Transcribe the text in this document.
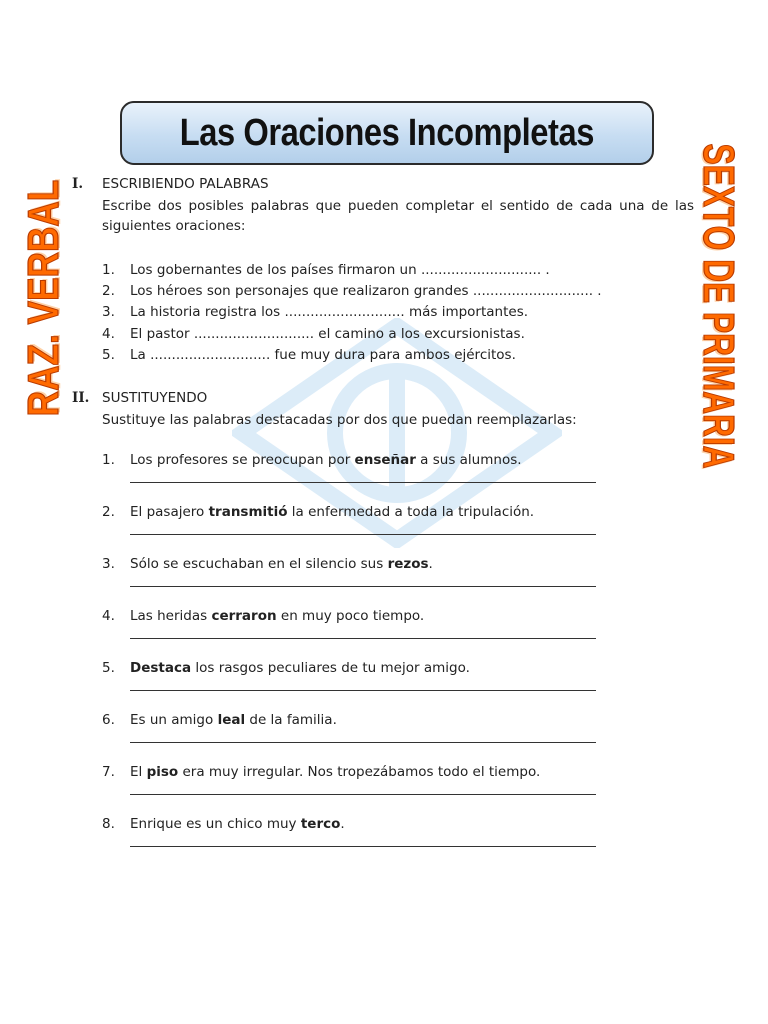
Las Oraciones Incompletas
RAZ. VERBAL	SEXTO DE PRIMARIA
I. ESCRIBIENDO PALABRAS
Escribe dos posibles palabras que pueden completar el sentido de cada una de las siguientes oraciones:
1. Los gobernantes de los países firmaron un ............................ .
2. Los héroes son personajes que realizaron grandes ............................ .
3. La historia registra los ............................ más importantes.
4. El pastor ............................ el camino a los excursionistas.
5. La ............................ fue muy dura para ambos ejércitos.
II. SUSTITUYENDO
Sustituye las palabras destacadas por dos que puedan reemplazarlas:
1. Los profesores se preocupan por enseñar a sus alumnos.
2. El pasajero transmitió la enfermedad a toda la tripulación.
3. Sólo se escuchaban en el silencio sus rezos.
4. Las heridas cerraron en muy poco tiempo.
5. Destaca los rasgos peculiares de tu mejor amigo.
6. Es un amigo leal de la familia.
7. El piso era muy irregular. Nos tropezábamos todo el tiempo.
8. Enrique es un chico muy terco.
